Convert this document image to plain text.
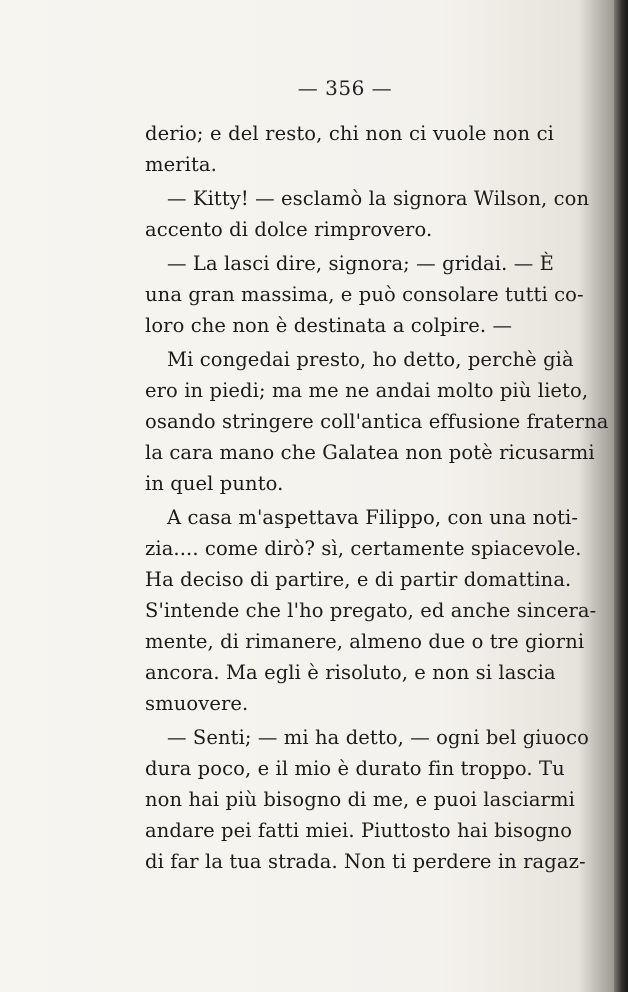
— 356 —
derio; e del resto, chi non ci vuole non ci
merita.
— Kitty! — esclamò la signora Wilson, con
accento di dolce rimprovero.
— La lasci dire, signora; — gridai. — È
una gran massima, e può consolare tutti co-
loro che non è destinata a colpire. —
Mi congedai presto, ho detto, perchè già
ero in piedi; ma me ne andai molto più lieto,
osando stringere coll'antica effusione fraterna
la cara mano che Galatea non potè ricusarmi
in quel punto.
A casa m'aspettava Filippo, con una noti-
zia.... come dirò? sì, certamente spiacevole.
Ha deciso di partire, e di partir domattina.
S'intende che l'ho pregato, ed anche sincera-
mente, di rimanere, almeno due o tre giorni
ancora. Ma egli è risoluto, e non si lascia
smuovere.
— Senti; — mi ha detto, — ogni bel giuoco
dura poco, e il mio è durato fin troppo. Tu
non hai più bisogno di me, e puoi lasciarmi
andare pei fatti miei. Piuttosto hai bisogno
di far la tua strada. Non ti perdere in ragaz-
